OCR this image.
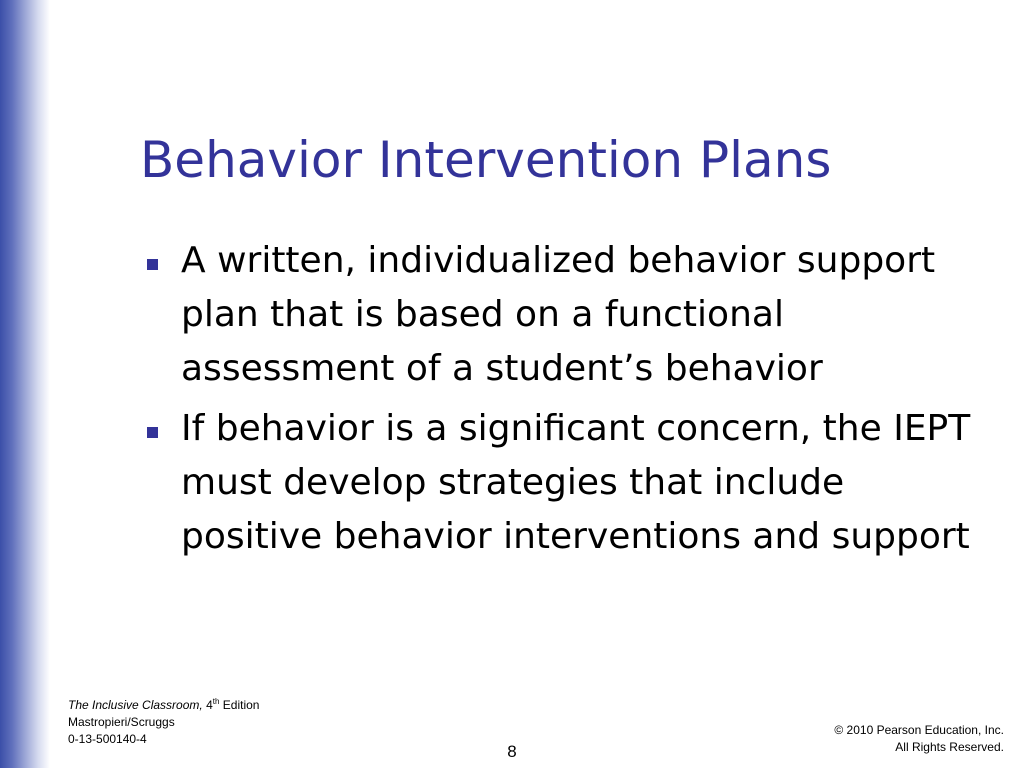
Behavior Intervention Plans
A written, individualized behavior support plan that is based on a functional assessment of a student’s behavior
If behavior is a significant concern, the IEPT must develop strategies that include positive behavior interventions and support
The Inclusive Classroom, 4th Edition
Mastropieri/Scruggs
0-13-500140-4
8
© 2010 Pearson Education, Inc.
All Rights Reserved.
